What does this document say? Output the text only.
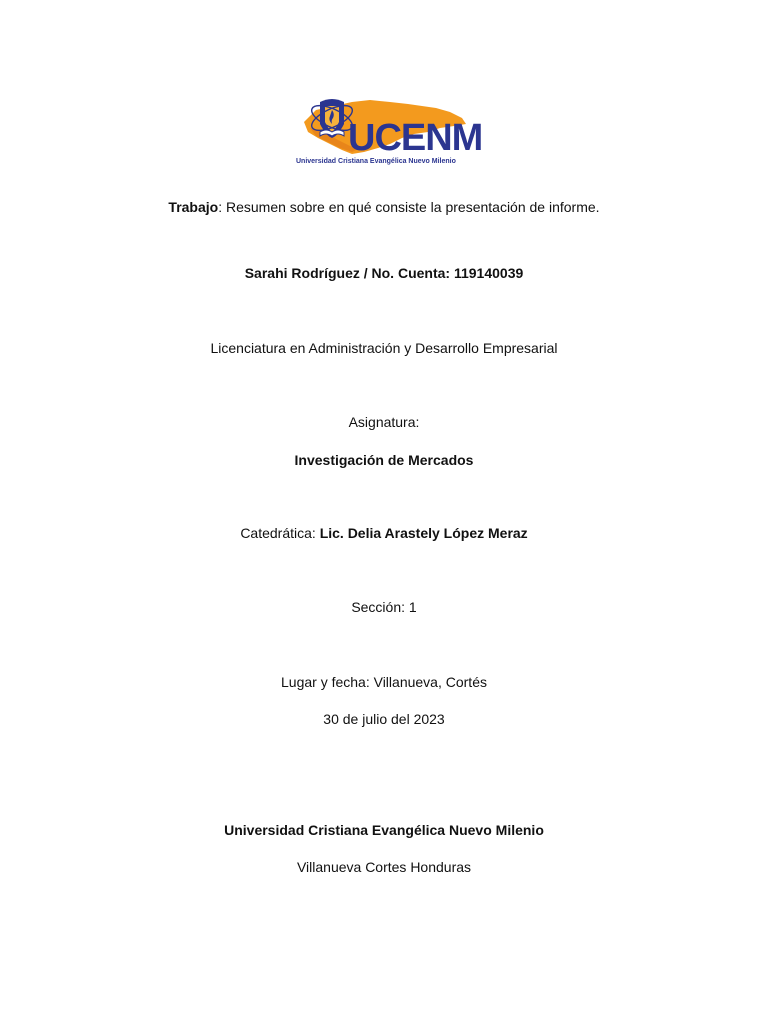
UCENM
Universidad Cristiana Evangélica Nuevo Milenio
Trabajo: Resumen sobre en qué consiste la presentación de informe.
Sarahi Rodríguez / No. Cuenta: 119140039
Licenciatura en Administración y Desarrollo Empresarial
Asignatura:
Investigación de Mercados
Catedrática: Lic. Delia Arastely López Meraz
Sección: 1
Lugar y fecha: Villanueva, Cortés
30 de julio del 2023
Universidad Cristiana Evangélica Nuevo Milenio
Villanueva Cortes Honduras
